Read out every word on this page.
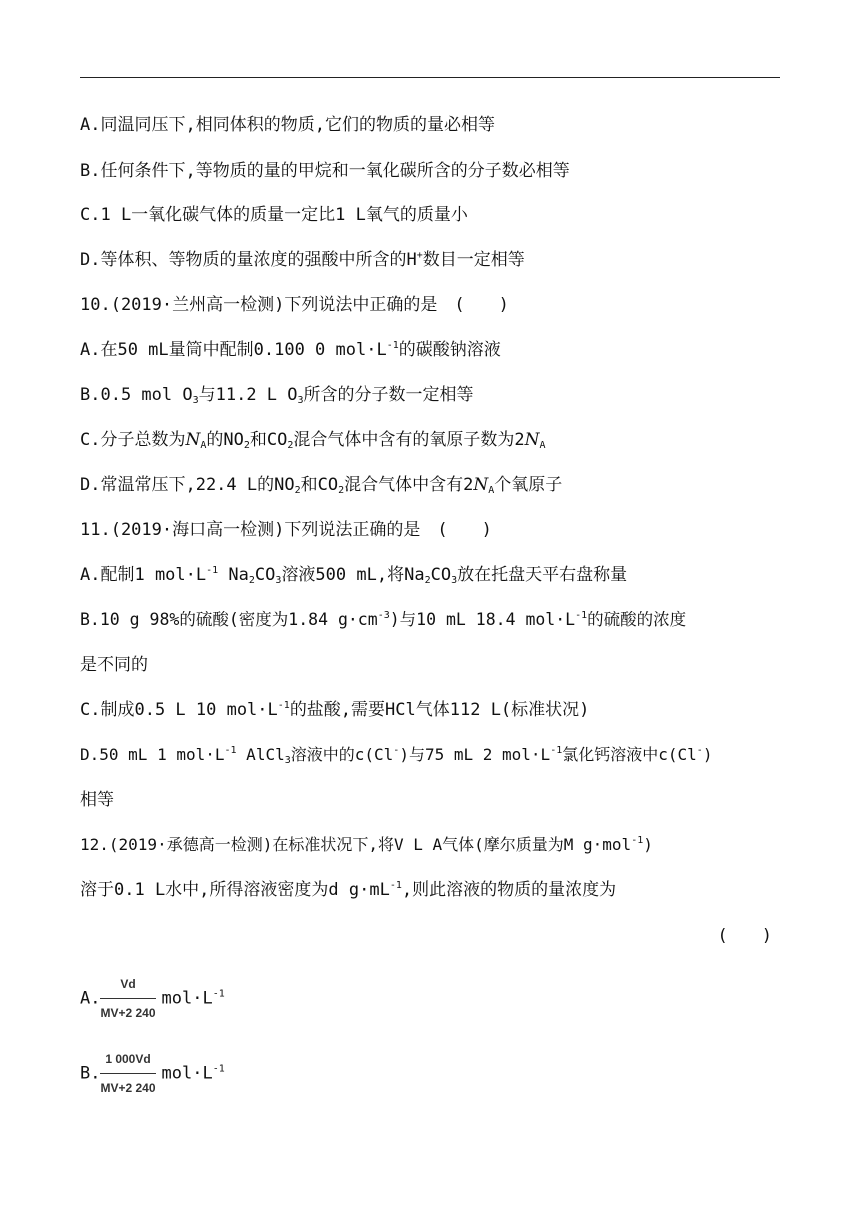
A.同温同压下,相同体积的物质,它们的物质的量必相等
B.任何条件下,等物质的量的甲烷和一氧化碳所含的分子数必相等
C.1 L一氧化碳气体的质量一定比1 L氧气的质量小
D.等体积、等物质的量浓度的强酸中所含的H+数目一定相等
10.(2019·兰州高一检测)下列说法中正确的是　(　　)
A.在50 mL量筒中配制0.100 0 $mol\cdot L^{-1}$的碳酸钠溶液
B.0.5 mol $O_3$与11.2 L $O_3$所含的分子数一定相等
C.分子总数为$N_A$的$NO_2$和$CO_2$混合气体中含有的氧原子数为$2N_A$
D.常温常压下,22.4 L的$NO_2$和$CO_2$混合气体中含有$2N_A$个氧原子
11.(2019·海口高一检测)下列说法正确的是　(　　)
A.配制1 $mol\cdot L^{-1}$ $Na_2CO_3$溶液500 mL,将$Na_2CO_3$放在托盘天平右盘称量
B.10 g 98%的硫酸(密度为1.84 $g\cdot cm^{-3}$)与10 mL 18.4 $mol\cdot L^{-1}$的硫酸的浓度
是不同的
C.制成0.5 L 10 $mol\cdot L^{-1}$的盐酸,需要HCl气体112 L(标准状况)
D.50 mL 1 $mol\cdot L^{-1}$ AlCl$_3$溶液中的c(Cl-)与75 mL 2 $mol\cdot L^{-1}$氯化钙溶液中c(Cl-)
相等
12.(2019·承德高一检测)在标准状况下,将V L A气体(摩尔质量为M g·mol$^{-1}$)
溶于0.1 L水中,所得溶液密度为d $g\cdot mL^{-1}$,则此溶液的物质的量浓度为
(　　)
A. $\frac{Vd}{MV+2 240} mol\cdot L^{-1}$
B. $\frac{1 000Vd}{MV+2 240} mol\cdot L^{-1}$
